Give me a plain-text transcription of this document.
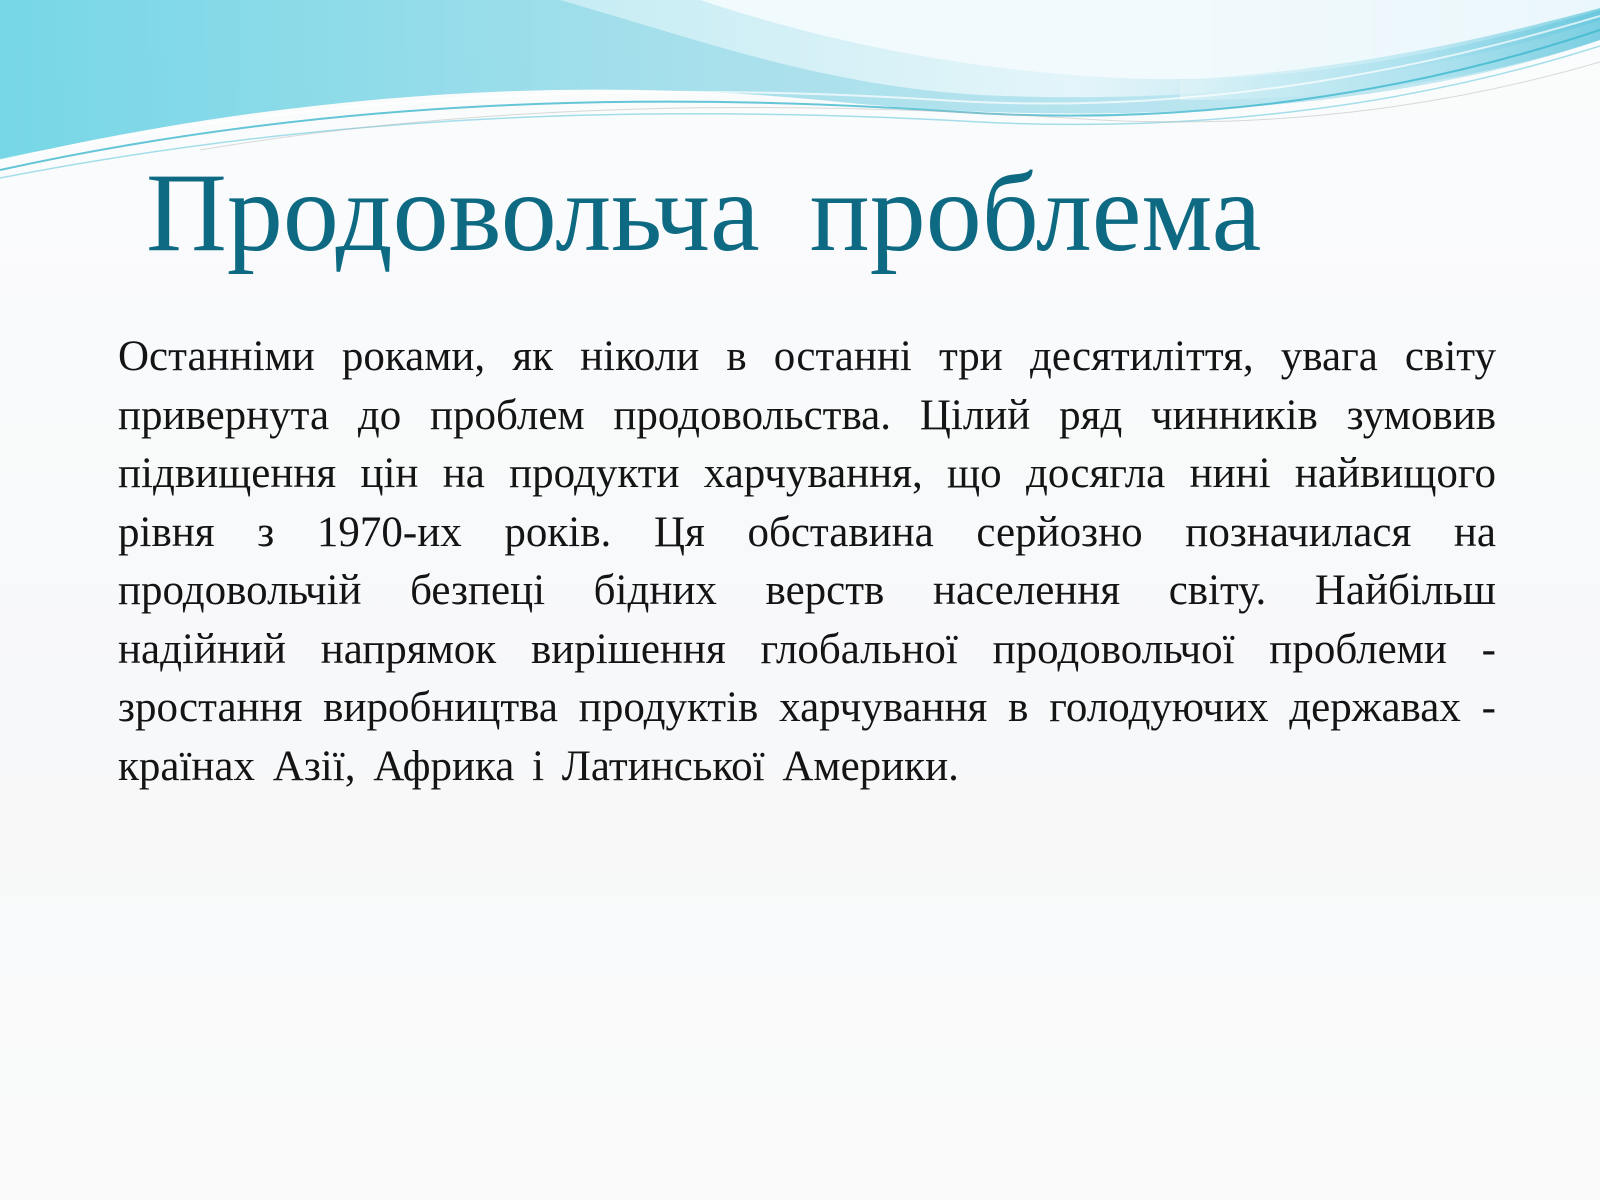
Продовольча проблема

Останніми роками, як ніколи в останні три десятиліття, увага світу привернута до проблем продовольства. Цілий ряд чинників зумовив підвищення цін на продукти харчування, що досягла нині найвищого рівня з 1970-их років. Ця обставина серйозно позначилася на продовольчій безпеці бідних верств населення світу. Найбільш надійний напрямок вирішення глобальної продовольчої проблеми - зростання виробництва продуктів харчування в голодуючих державах - країнах Азії, Африка і Латинської Америки.
